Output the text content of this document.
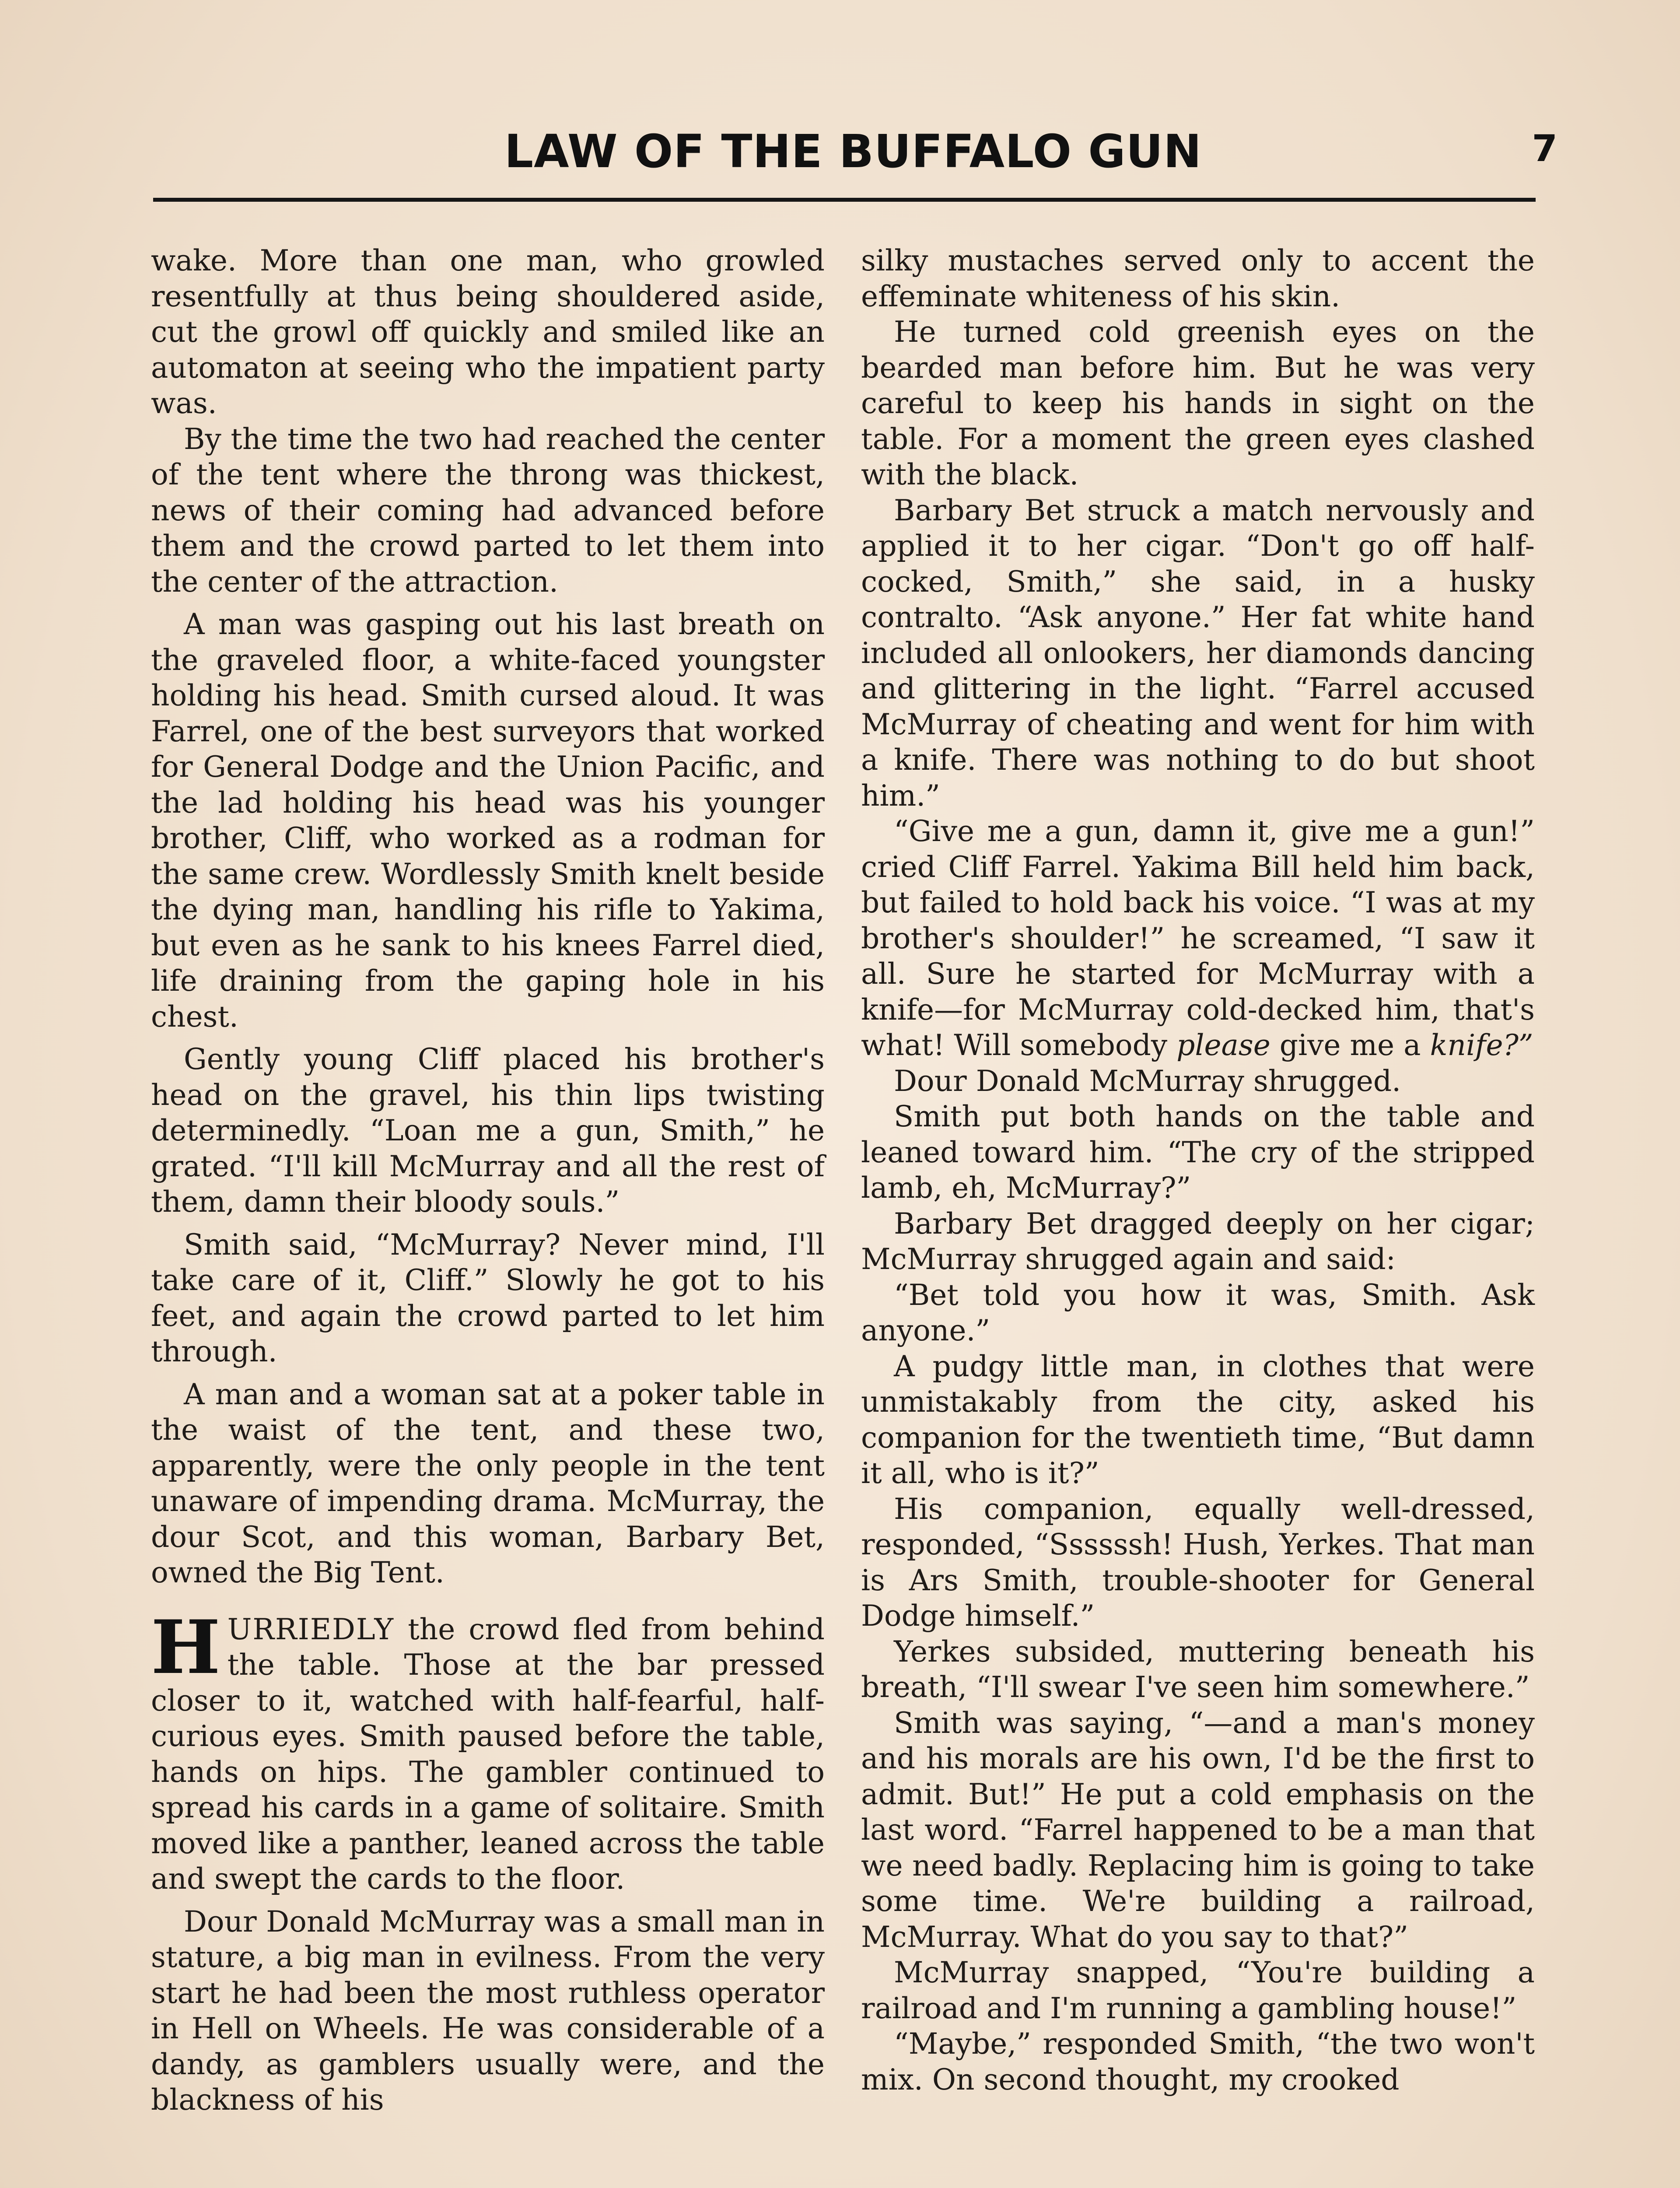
LAW OF THE BUFFALO GUN	7

wake. More than one man, who growled resentfully at thus being shouldered aside, cut the growl off quickly and smiled like an automaton at seeing who the impatient party was.

By the time the two had reached the center of the tent where the throng was thickest, news of their coming had advanced before them and the crowd parted to let them into the center of the attraction.

A man was gasping out his last breath on the graveled floor, a white-faced youngster holding his head. Smith cursed aloud. It was Farrel, one of the best surveyors that worked for General Dodge and the Union Pacific, and the lad holding his head was his younger brother, Cliff, who worked as a rodman for the same crew. Wordlessly Smith knelt beside the dying man, handling his rifle to Yakima, but even as he sank to his knees Farrel died, life draining from the gaping hole in his chest.

Gently young Cliff placed his brother's head on the gravel, his thin lips twisting determinedly. “Loan me a gun, Smith,” he grated. “I'll kill McMurray and all the rest of them, damn their bloody souls.”

Smith said, “McMurray? Never mind, I'll take care of it, Cliff.” Slowly he got to his feet, and again the crowd parted to let him through.

A man and a woman sat at a poker table in the waist of the tent, and these two, apparently, were the only people in the tent unaware of impending drama. McMurray, the dour Scot, and this woman, Barbary Bet, owned the Big Tent.

HURRIEDLY the crowd fled from behind the table. Those at the bar pressed closer to it, watched with half-fearful, half-curious eyes. Smith paused before the table, hands on hips. The gambler continued to spread his cards in a game of solitaire. Smith moved like a panther, leaned across the table and swept the cards to the floor.

Dour Donald McMurray was a small man in stature, a big man in evilness. From the very start he had been the most ruthless operator in Hell on Wheels. He was considerable of a dandy, as gamblers usually were, and the blackness of his

silky mustaches served only to accent the effeminate whiteness of his skin.

He turned cold greenish eyes on the bearded man before him. But he was very careful to keep his hands in sight on the table. For a moment the green eyes clashed with the black.

Barbary Bet struck a match nervously and applied it to her cigar. “Don't go off half-cocked, Smith,” she said, in a husky contralto. “Ask anyone.” Her fat white hand included all onlookers, her diamonds dancing and glittering in the light. “Farrel accused McMurray of cheating and went for him with a knife. There was nothing to do but shoot him.”

“Give me a gun, damn it, give me a gun!” cried Cliff Farrel. Yakima Bill held him back, but failed to hold back his voice. “I was at my brother's shoulder!” he screamed, “I saw it all. Sure he started for McMurray with a knife—for McMurray cold-decked him, that's what! Will somebody please give me a knife?”

Dour Donald McMurray shrugged.

Smith put both hands on the table and leaned toward him. “The cry of the stripped lamb, eh, McMurray?”

Barbary Bet dragged deeply on her cigar; McMurray shrugged again and said:

“Bet told you how it was, Smith. Ask anyone.”

A pudgy little man, in clothes that were unmistakably from the city, asked his companion for the twentieth time, “But damn it all, who is it?”

His companion, equally well-dressed, responded, “Ssssssh! Hush, Yerkes. That man is Ars Smith, trouble-shooter for General Dodge himself.”

Yerkes subsided, muttering beneath his breath, “I'll swear I've seen him somewhere.”

Smith was saying, “—and a man's money and his morals are his own, I'd be the first to admit. But!” He put a cold emphasis on the last word. “Farrel happened to be a man that we need badly. Replacing him is going to take some time. We're building a railroad, McMurray. What do you say to that?”

McMurray snapped, “You're building a railroad and I'm running a gambling house!”

“Maybe,” responded Smith, “the two won't mix. On second thought, my crooked
